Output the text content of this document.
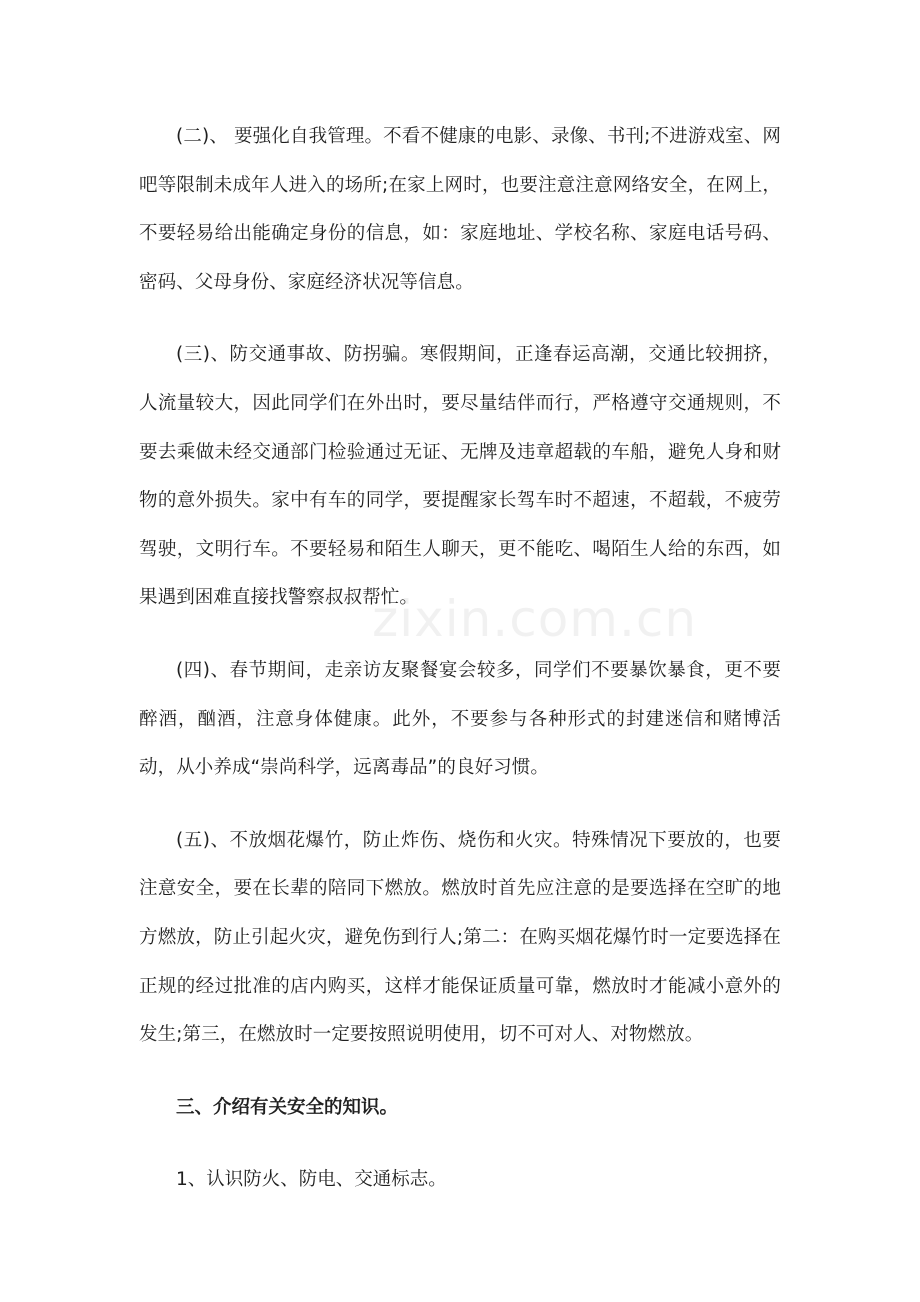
zixin.com.cn

(二)、 要强化自我管理。不看不健康的电影、录像、书刊;不进游戏室、网吧等限制未成年人进入的场所;在家上网时，也要注意注意网络安全，在网上，不要轻易给出能确定身份的信息，如：家庭地址、学校名称、家庭电话号码、密码、父母身份、家庭经济状况等信息。

(三)、防交通事故、防拐骗。寒假期间，正逢春运高潮，交通比较拥挤，人流量较大，因此同学们在外出时，要尽量结伴而行，严格遵守交通规则，不要去乘做未经交通部门检验通过无证、无牌及违章超载的车船，避免人身和财物的意外损失。家中有车的同学，要提醒家长驾车时不超速，不超载，不疲劳驾驶，文明行车。不要轻易和陌生人聊天，更不能吃、喝陌生人给的东西，如果遇到困难直接找警察叔叔帮忙。

(四)、春节期间，走亲访友聚餐宴会较多，同学们不要暴饮暴食，更不要醉酒，酗酒，注意身体健康。此外，不要参与各种形式的封建迷信和赌博活动，从小养成“崇尚科学，远离毒品”的良好习惯。

(五)、不放烟花爆竹，防止炸伤、烧伤和火灾。特殊情况下要放的，也要注意安全，要在长辈的陪同下燃放。燃放时首先应注意的是要选择在空旷的地方燃放，防止引起火灾，避免伤到行人;第二：在购买烟花爆竹时一定要选择在正规的经过批准的店内购买，这样才能保证质量可靠，燃放时才能减小意外的发生;第三，在燃放时一定要按照说明使用，切不可对人、对物燃放。

三、介绍有关安全的知识。

1、认识防火、防电、交通标志。
